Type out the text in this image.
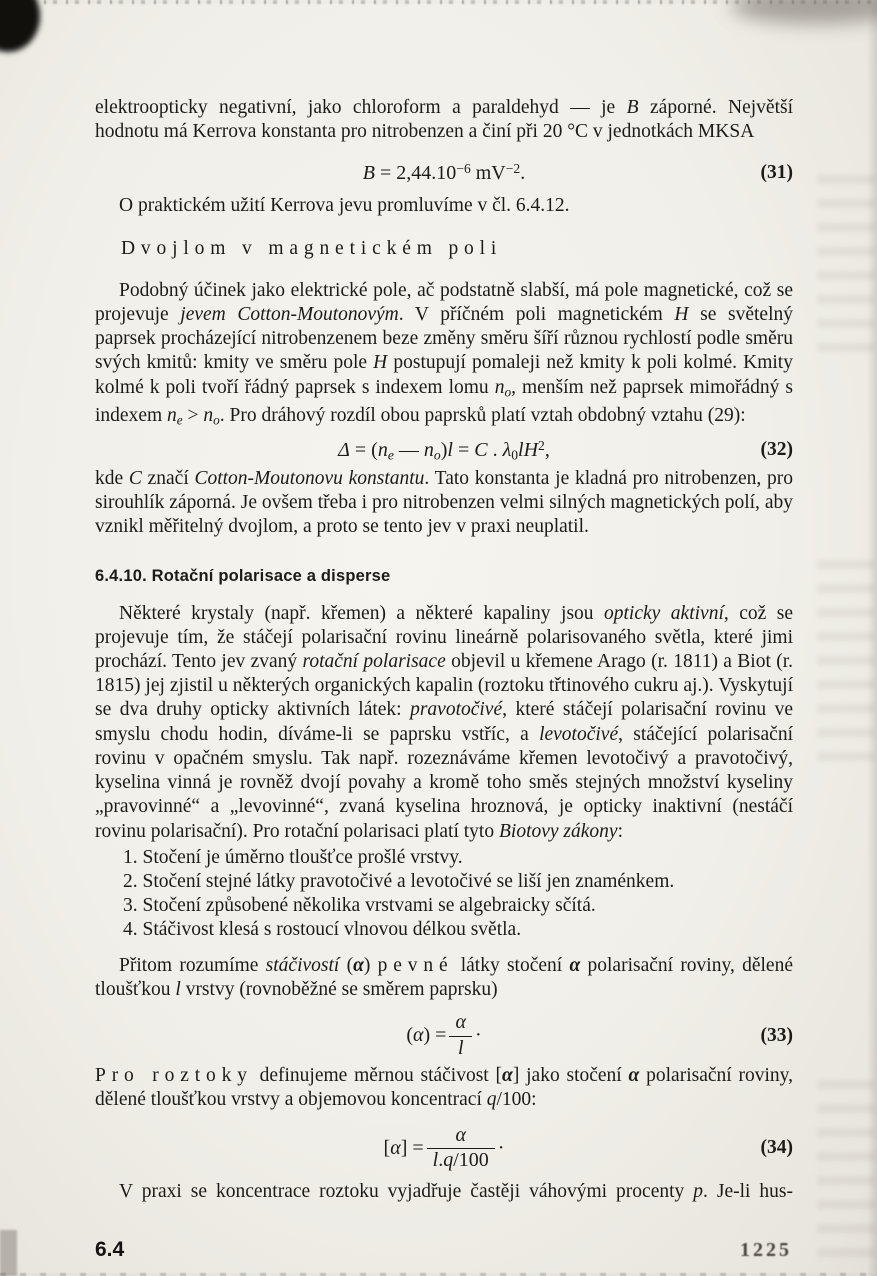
elektroopticky negativní, jako chloroform a paraldehyd — je B záporné. Největší hodnotu má Kerrova konstanta pro nitrobenzen a činí při 20 °C v jednotkách MKSA

$B = 2,44.10^{-6}$ $mV^{-2}$.	(31)

O praktickém užití Kerrova jevu promluvíme v čl. 6.4.12.

Dvojlom v magnetickém poli

Podobný účinek jako elektrické pole, ač podstatně slabší, má pole magnetické, což se projevuje jevem Cotton-Moutonovým. V příčném poli magnetickém H se světelný paprsek procházející nitrobenzenem beze změny směru šíří různou rychlostí podle směru svých kmitů: kmity ve směru pole H postupují pomaleji než kmity k poli kolmé. Kmity kolmé k poli tvoří řádný paprsek s indexem lomu no, menším než paprsek mimořádný s indexem ne > no. Pro dráhový rozdíl obou paprsků platí vztah obdobný vztahu (29):

Δ = (ne — no)l = C . $\lambda 0lH^2$,	(32)

kde C značí Cotton-Moutonovu konstantu. Tato konstanta je kladná pro nitrobenzen, pro sirouhlík záporná. Je ovšem třeba i pro nitrobenzen velmi silných magnetických polí, aby vznikl měřitelný dvojlom, a proto se tento jev v praxi neuplatil.

6.4.10. Rotační polarisace a disperse

Některé krystaly (např. křemen) a některé kapaliny jsou opticky aktivní, což se projevuje tím, že stáčejí polarisační rovinu lineárně polarisovaného světla, které jimi prochází. Tento jev zvaný rotační polarisace objevil u křemene Arago (r. 1811) a Biot (r. 1815) jej zjistil u některých organických kapalin (roztoku třtinového cukru aj.). Vyskytují se dva druhy opticky aktivních látek: pravotočivé, které stáčejí polarisační rovinu ve smyslu chodu hodin, díváme-li se paprsku vstříc, a levotočivé, stáčející polarisační rovinu v opačném smyslu. Tak např. rozeznáváme křemen levotočivý a pravotočivý, kyselina vinná je rovněž dvojí povahy a kromě toho směs stejných množství kyseliny „pravovinné“ a „levovinné“, zvaná kyselina hroznová, je opticky inaktivní (nestáčí rovinu polarisační). Pro rotační polarisaci platí tyto Biotovy zákony:

1. Stočení je úměrno tloušťce prošlé vrstvy.

2. Stočení stejné látky pravotočivé a levotočivé se liší jen znaménkem.

3. Stočení způsobené několika vrstvami se algebraicky sčítá.

4. Stáčivost klesá s rostoucí vlnovou délkou světla.

Přitom rozumíme stáčivostí (α) pevné látky stočení α polarisační roviny, dělené tloušťkou l vrstvy (rovnoběžné se směrem paprsku)

$(\alpha) = \frac{\alpha}{l}$ ·	(33)

Pro roztoky definujeme měrnou stáčivost [α] jako stočení α polarisační roviny, dělené tloušťkou vrstvy a objemovou koncentrací q/100:

$[\alpha] = \frac{\alpha}{l.q/100}$ ·	(34)

V praxi se koncentrace roztoku vyjadřuje častěji váhovými procenty p. Je-li hus-

6.4	1225
